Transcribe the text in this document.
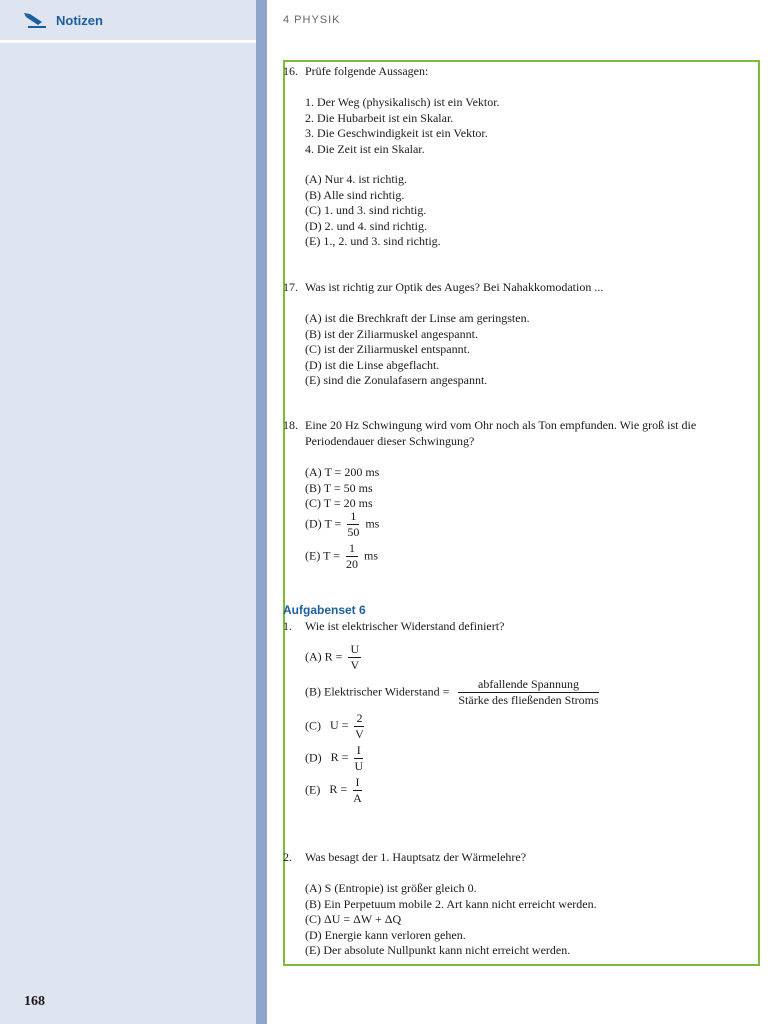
Notizen
168
4 PHYSIK
16. Prüfe folgende Aussagen:
1. Der Weg (physikalisch) ist ein Vektor.
2. Die Hubarbeit ist ein Skalar.
3. Die Geschwindigkeit ist ein Vektor.
4. Die Zeit ist ein Skalar.
(A) Nur 4. ist richtig.
(B) Alle sind richtig.
(C) 1. und 3. sind richtig.
(D) 2. und 4. sind richtig.
(E) 1., 2. und 3. sind richtig.
17. Was ist richtig zur Optik des Auges? Bei Nahakkomodation ...
(A) ist die Brechkraft der Linse am geringsten.
(B) ist der Ziliarmuskel angespannt.
(C) ist der Ziliarmuskel entspannt.
(D) ist die Linse abgeflacht.
(E) sind die Zonulafasern angespannt.
18. Eine 20 Hz Schwingung wird vom Ohr noch als Ton empfunden. Wie groß ist die Periodendauer dieser Schwingung?
(A) T = 200 ms
(B) T = 50 ms
(C) T = 20 ms
(D) $T = \frac{1}{50}$ ms
(E) $T = \frac{1}{20}$ ms
Aufgabenset 6
1. Wie ist elektrischer Widerstand definiert?
(A) $R = \frac{U}{V}$
(B) Elektrischer Widerstand = $\frac{\text{abfallende Spannung}}{\text{Stärke des fließenden Stroms}}$
(C) $U = \frac{2}{V}$
(D) $R = \frac{I}{U}$
(E) $R = \frac{I}{A}$
2. Was besagt der 1. Hauptsatz der Wärmelehre?
(A) S (Entropie) ist größer gleich 0.
(B) Ein Perpetuum mobile 2. Art kann nicht erreicht werden.
(C) ΔU = ΔW + ΔQ
(D) Energie kann verloren gehen.
(E) Der absolute Nullpunkt kann nicht erreicht werden.
